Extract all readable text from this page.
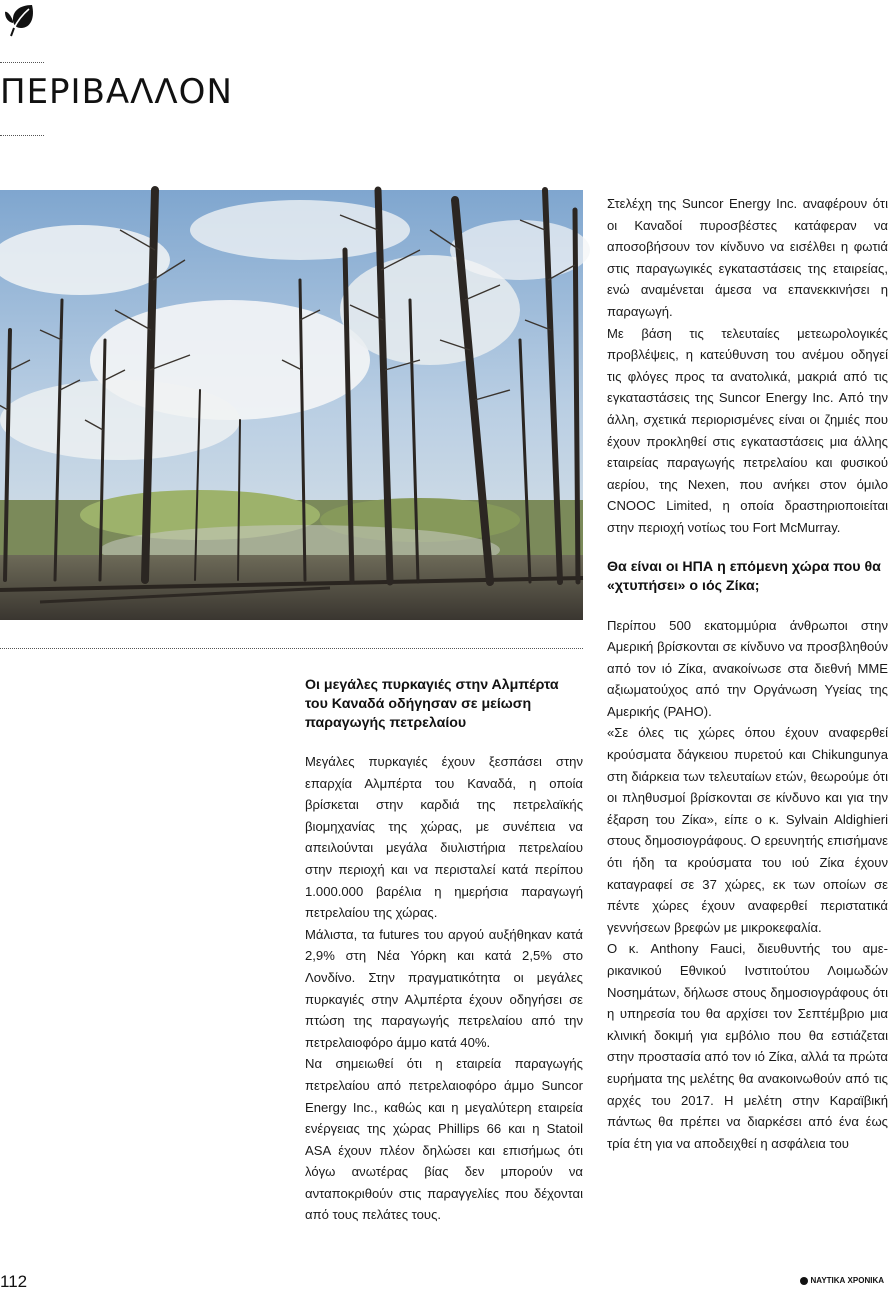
ΠΕΡΙΒΑΛΛΟΝ
Οι μεγάλες πυρκαγιές στην Αλμπέρτα του Καναδά οδήγησαν σε μείωση παραγωγής πετρελαίου

Μεγάλες πυρκαγιές έχουν ξεσπάσει στην επαρχία Αλμπέρτα του Καναδά, η οποία βρίσκεται στην καρδιά της πετρελαϊκής βιομηχανίας της χώρας, με συνέπεια να απειλούνται μεγάλα διυλιστήρια πετρελαίου στην περιοχή και να περισταλεί κατά περίπου 1.000.000 βαρέλια η ημερήσια παραγωγή πετρελαίου της χώρας.

Μάλιστα, τα futures του αργού αυξήθηκαν κατά 2,9% στη Νέα Υόρκη και κατά 2,5% στο Λονδίνο. Στην πραγματικότητα οι μεγάλες πυρκαγιές στην Αλμπέρτα έχουν οδηγήσει σε πτώση της παραγωγής πετρελαίου από την πετρελαιοφόρο άμμο κατά 40%.

Να σημειωθεί ότι η εταιρεία παραγωγής πετρελαίου από πετρελαιοφόρο άμμο Suncor Energy Inc., καθώς και η μεγαλύτερη εταιρεία ενέργειας της χώρας Phillips 66 και η Statoil ASA έχουν πλέον δηλώσει και επισήμως ότι λόγω ανωτέρας βίας δεν μπορούν να ανταποκριθούν στις παραγγελίες που δέχονται από τους πελάτες τους.

Στελέχη της Suncor Energy Inc. αναφέρουν ότι οι Καναδοί πυροσβέστες κατάφεραν να αποσοβήσουν τον κίνδυνο να εισέλθει η φωτιά στις παραγωγικές εγκαταστάσεις της εταιρείας, ενώ αναμένεται άμεσα να επανεκκινήσει η παραγωγή.

Με βάση τις τελευταίες μετεωρολογικές προβλέψεις, η κατεύθυνση του ανέμου οδηγεί τις φλόγες προς τα ανατολικά, μακριά από τις εγκαταστάσεις της Suncor Energy Inc. Από την άλλη, σχετικά περιορισμένες είναι οι ζημιές που έχουν προκληθεί στις εγκαταστάσεις μια άλλης εταιρείας παραγωγής πετρελαίου και φυσικού αερίου, της Nexen, που ανήκει στον όμιλο CNOOC Limited, η οποία δραστηριοποιείται στην περιοχή νοτίως του Fort McMurray.

Θα είναι οι ΗΠΑ η επόμενη χώρα που θα «χτυπήσει» ο ιός Ζίκα;

Περίπου 500 εκατομμύρια άνθρωποι στην Αμερική βρίσκονται σε κίνδυνο να προσβληθούν από τον ιό Ζίκα, ανακοίνωσε στα διεθνή ΜΜΕ αξιωματούχος από την Οργάνωση Υγείας της Αμερικής (PAHO).

«Σε όλες τις χώρες όπου έχουν αναφερθεί κρούσματα δάγκειου πυρετού και Chikungunya στη διάρκεια των τελευταίων ετών, θεωρούμε ότι οι πληθυσμοί βρίσκονται σε κίνδυνο και για την έξαρση του Ζίκα», είπε ο κ. Sylvain Aldighieri στους δημοσιογράφους. Ο ερευνητής επισήμανε ότι ήδη τα κρούσματα του ιού Ζίκα έχουν καταγραφεί σε 37 χώρες, εκ των οποίων σε πέντε χώρες έχουν αναφερθεί περιστατικά γεννήσεων βρεφών με μικροκεφαλία.

Ο κ. Anthony Fauci, διευθυντής του αμερικανικού Εθνικού Ινστιτούτου Λοιμωδών Νοσημάτων, δήλωσε στους δημοσιογράφους ότι η υπηρεσία του θα αρχίσει τον Σεπτέμβριο μια κλινική δοκιμή για εμβόλιο που θα εστιάζεται στην προστασία από τον ιό Ζίκα, αλλά τα πρώτα ευρήματα της μελέτης θα ανακοινωθούν από τις αρχές του 2017. Η μελέτη στην Καραϊβική πάντως θα πρέπει να διαρκέσει από ένα έως τρία έτη για να αποδειχθεί η ασφάλεια του

112	ΝΑΥΤΙΚΑ ΧΡΟΝΙΚΑ
